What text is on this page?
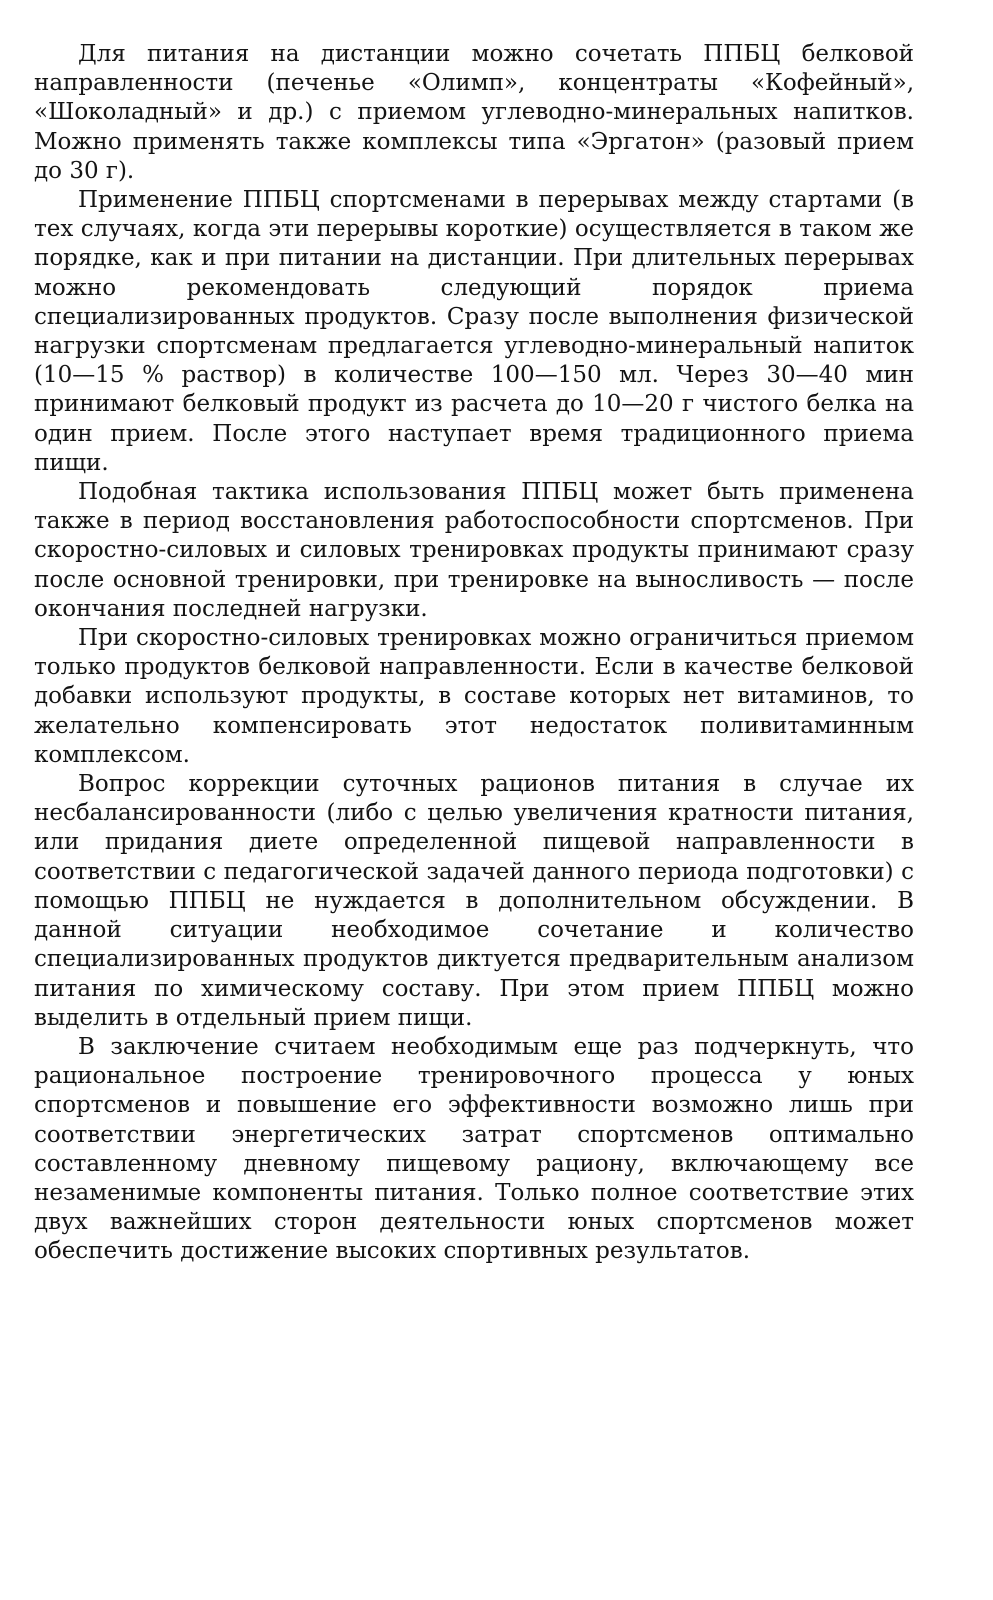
Для питания на дистанции можно сочетать ППБЦ белковой направленности (печенье «Олимп», концентраты «Кофейный», «Шоколадный» и др.) с приемом углеводно-минеральных напитков. Можно применять также комплексы типа «Эргатон» (разовый прием до 30 г).

Применение ППБЦ спортсменами в перерывах между стартами (в тех случаях, когда эти перерывы короткие) осуществляется в таком же порядке, как и при питании на дистанции. При длительных перерывах можно рекомендовать следующий порядок приема специализированных продуктов. Сразу после выполнения физической нагрузки спортсменам предлагается углеводно-минеральный напиток (10—15 % раствор) в количестве 100—150 мл. Через 30—40 мин принимают белковый продукт из расчета до 10—20 г чистого белка на один прием. После этого наступает время традиционного приема пищи.

Подобная тактика использования ППБЦ может быть применена также в период восстановления работоспособности спортсменов. При скоростно-силовых и силовых тренировках продукты принимают сразу после основной тренировки, при тренировке на выносливость — после окончания последней нагрузки.

При скоростно-силовых тренировках можно ограничиться приемом только продуктов белковой направленности. Если в качестве белковой добавки используют продукты, в составе которых нет витаминов, то желательно компенсировать этот недостаток поливитаминным комплексом.

Вопрос коррекции суточных рационов питания в случае их несбалансированности (либо с целью увеличения кратности питания, или придания диете определенной пищевой направленности в соответствии с педагогической задачей данного периода подготовки) с помощью ППБЦ не нуждается в дополнительном обсуждении. В данной ситуации необходимое сочетание и количество специализированных продуктов диктуется предварительным анализом питания по химическому составу. При этом прием ППБЦ можно выделить в отдельный прием пищи.

В заключение считаем необходимым еще раз подчеркнуть, что рациональное построение тренировочного процесса у юных спортсменов и повышение его эффективности возможно лишь при соответствии энергетических затрат спортсменов оптимально составленному дневному пищевому рациону, включающему все незаменимые компоненты питания. Только полное соответствие этих двух важнейших сторон деятельности юных спортсменов может обеспечить достижение высоких спортивных результатов.
